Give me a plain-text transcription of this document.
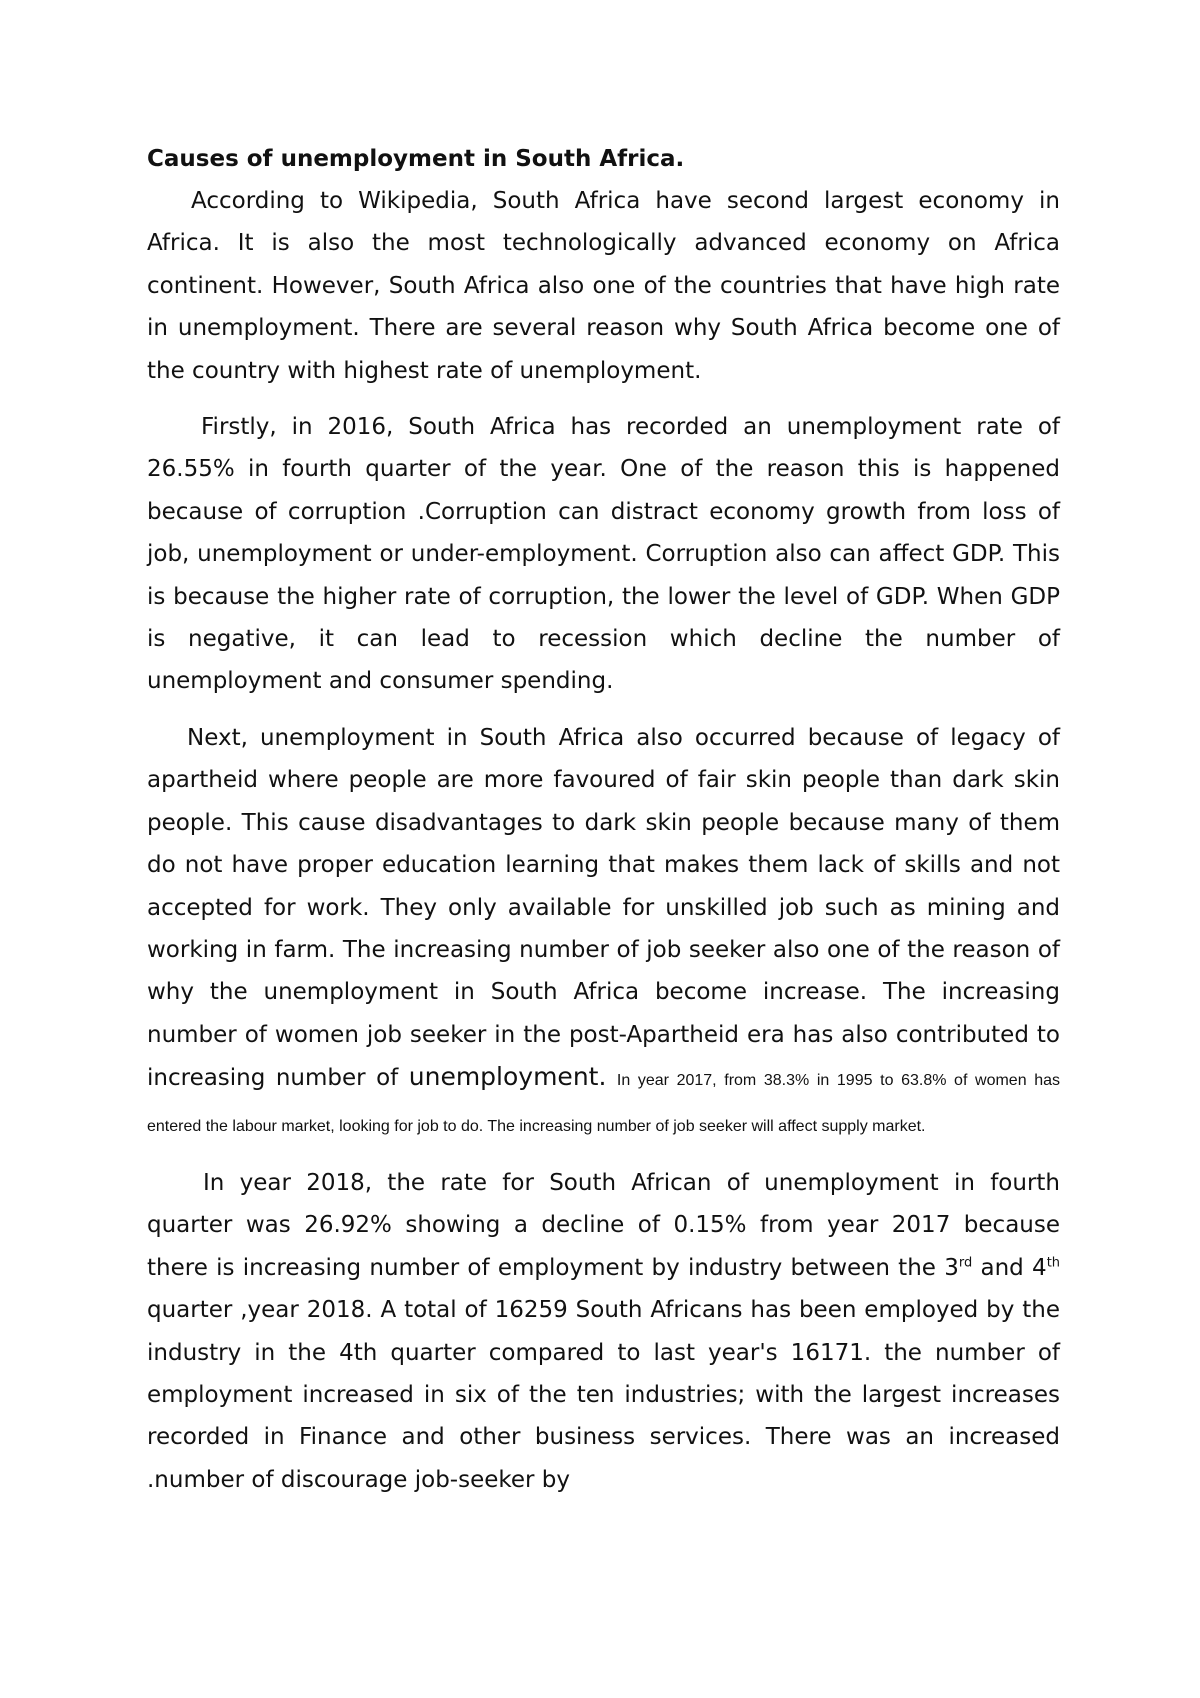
Causes of unemployment in South Africa.

According to Wikipedia, South Africa have second largest economy in Africa. It is also the most technologically advanced economy on Africa continent. However, South Africa also one of the countries that have high rate in unemployment. There are several reason why South Africa become one of the country with highest rate of unemployment.

Firstly, in 2016, South Africa has recorded an unemployment rate of 26.55% in fourth quarter of the year. One of the reason this is happened because of corruption .Corruption can distract economy growth from loss of job, unemployment or under-employment. Corruption also can affect GDP. This is because the higher rate of corruption, the lower the level of GDP. When GDP is negative, it can lead to recession which decline the number of unemployment and consumer spending.

Next, unemployment in South Africa also occurred because of legacy of apartheid where people are more favoured of fair skin people than dark skin people. This cause disadvantages to dark skin people because many of them do not have proper education learning that makes them lack of skills and not accepted for work. They only available for unskilled job such as mining and working in farm. The increasing number of job seeker also one of the reason of why the unemployment in South Africa become increase. The increasing number of women job seeker in the post-Apartheid era has also contributed to increasing number of unemployment. In year 2017, from 38.3% in 1995 to 63.8% of women has entered the labour market, looking for job to do. The increasing number of job seeker will affect supply market.

In year 2018, the rate for South African of unemployment in fourth quarter was 26.92% showing a decline of 0.15% from year 2017 because there is increasing number of employment by industry between the 3rd and 4th quarter ,year 2018. A total of 16259 South Africans has been employed by the industry in the 4th quarter compared to last year's 16171. the number of employment increased in six of the ten industries; with the largest increases recorded in Finance and other business services. There was an increased .number of discourage job-seeker by
